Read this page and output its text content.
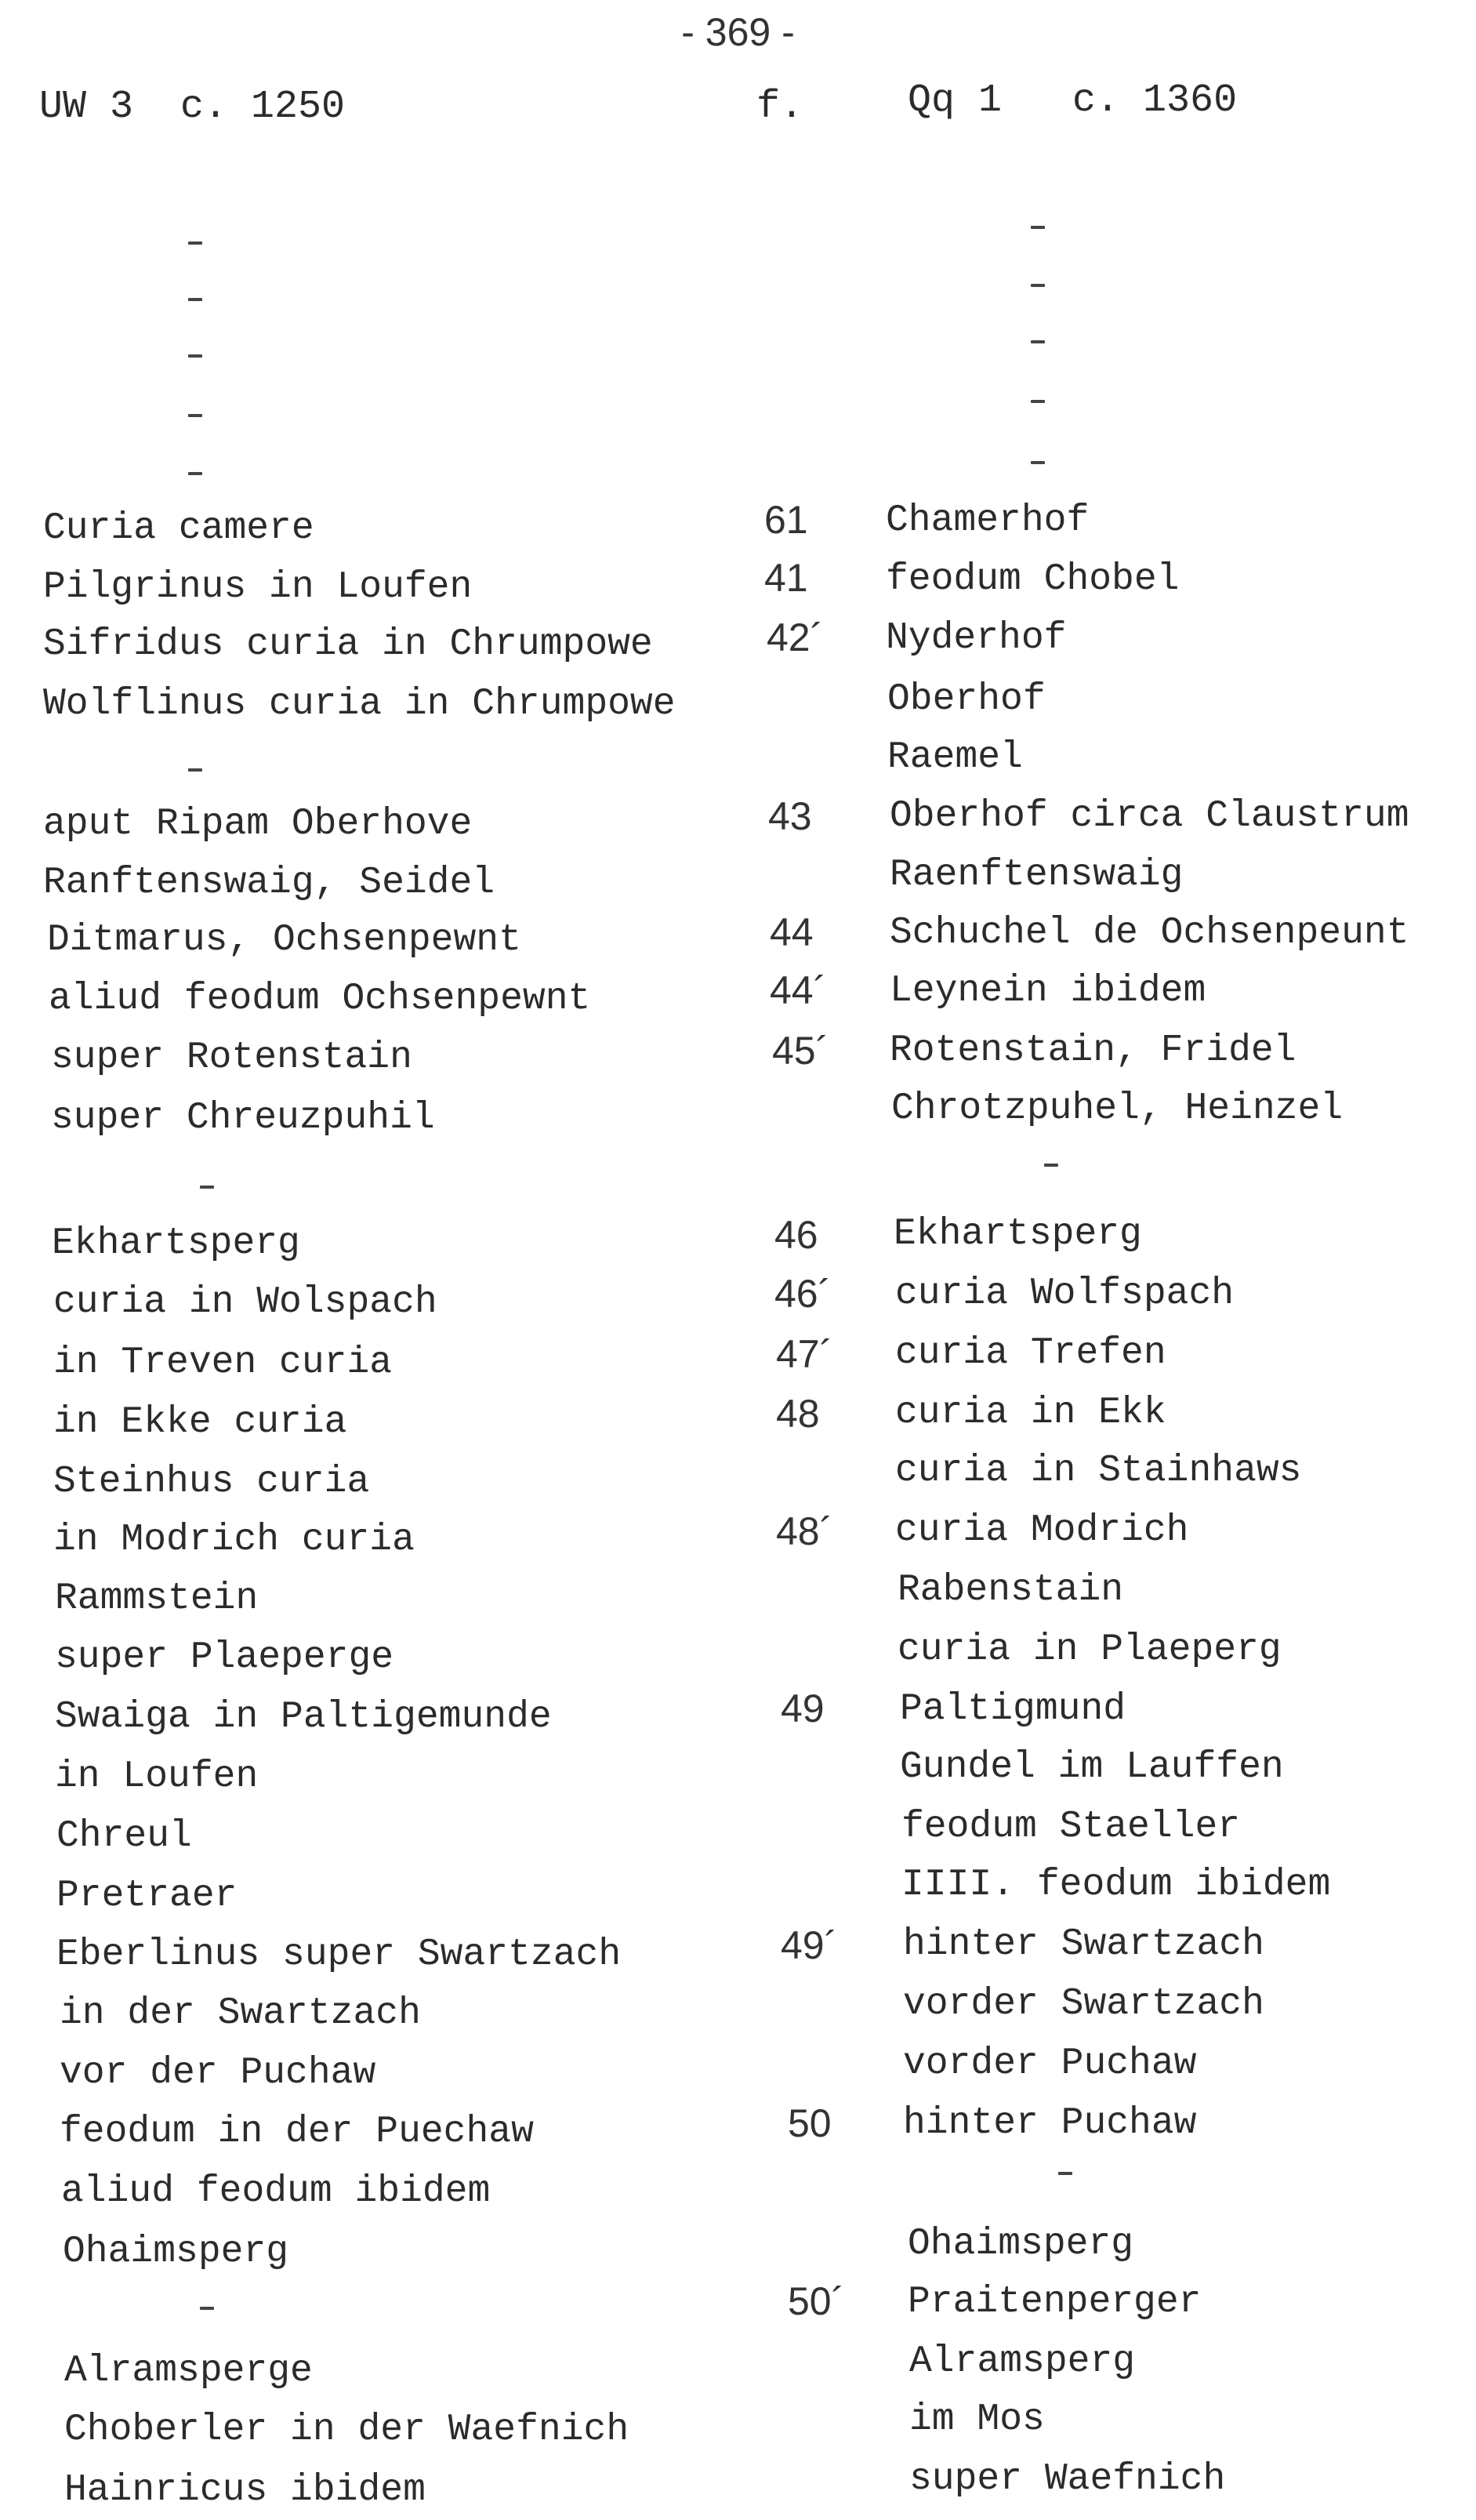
- 369 -
UW 3  c. 1250	f.	Qq 1   c. 1360
Curia camere
Pilgrinus in Loufen
Sifridus curia in Chrumpowe
Wolflinus curia in Chrumpowe
aput Ripam Oberhove
Ranftenswaig, Seidel
Ditmarus, Ochsenpewnt
aliud feodum Ochsenpewnt
super Rotenstain
super Chreuzpuhil
Ekhartsperg
curia in Wolspach
in Treven curia
in Ekke curia
Steinhus curia
in Modrich curia
Rammstein
super Plaeperge
Swaiga in Paltigemunde
in Loufen
Chreul
Pretraer
Eberlinus super Swartzach
in der Swartzach
vor der Puchaw
feodum in der Puechaw
aliud feodum ibidem
Ohaimsperg
Alramsperge
Choberler in der Waefnich
Hainricus ibidem
61
41
42´
43
44
44´
45´
46
46´
47´
48
48´
49
49´
50
50´
Chamerhof
feodum Chobel
Nyderhof
Oberhof
Raemel
Oberhof circa Claustrum
Raenftenswaig
Schuchel de Ochsenpeunt
Leynein ibidem
Rotenstain, Fridel
Chrotzpuhel, Heinzel
Ekhartsperg
curia Wolfspach
curia Trefen
curia in Ekk
curia in Stainhaws
curia Modrich
Rabenstain
curia in Plaeperg
Paltigmund
Gundel im Lauffen
feodum Staeller
IIII. feodum ibidem
hinter Swartzach
vorder Swartzach
vorder Puchaw
hinter Puchaw
Ohaimsperg
Praitenperger
Alramsperg
im Mos
super Waefnich
